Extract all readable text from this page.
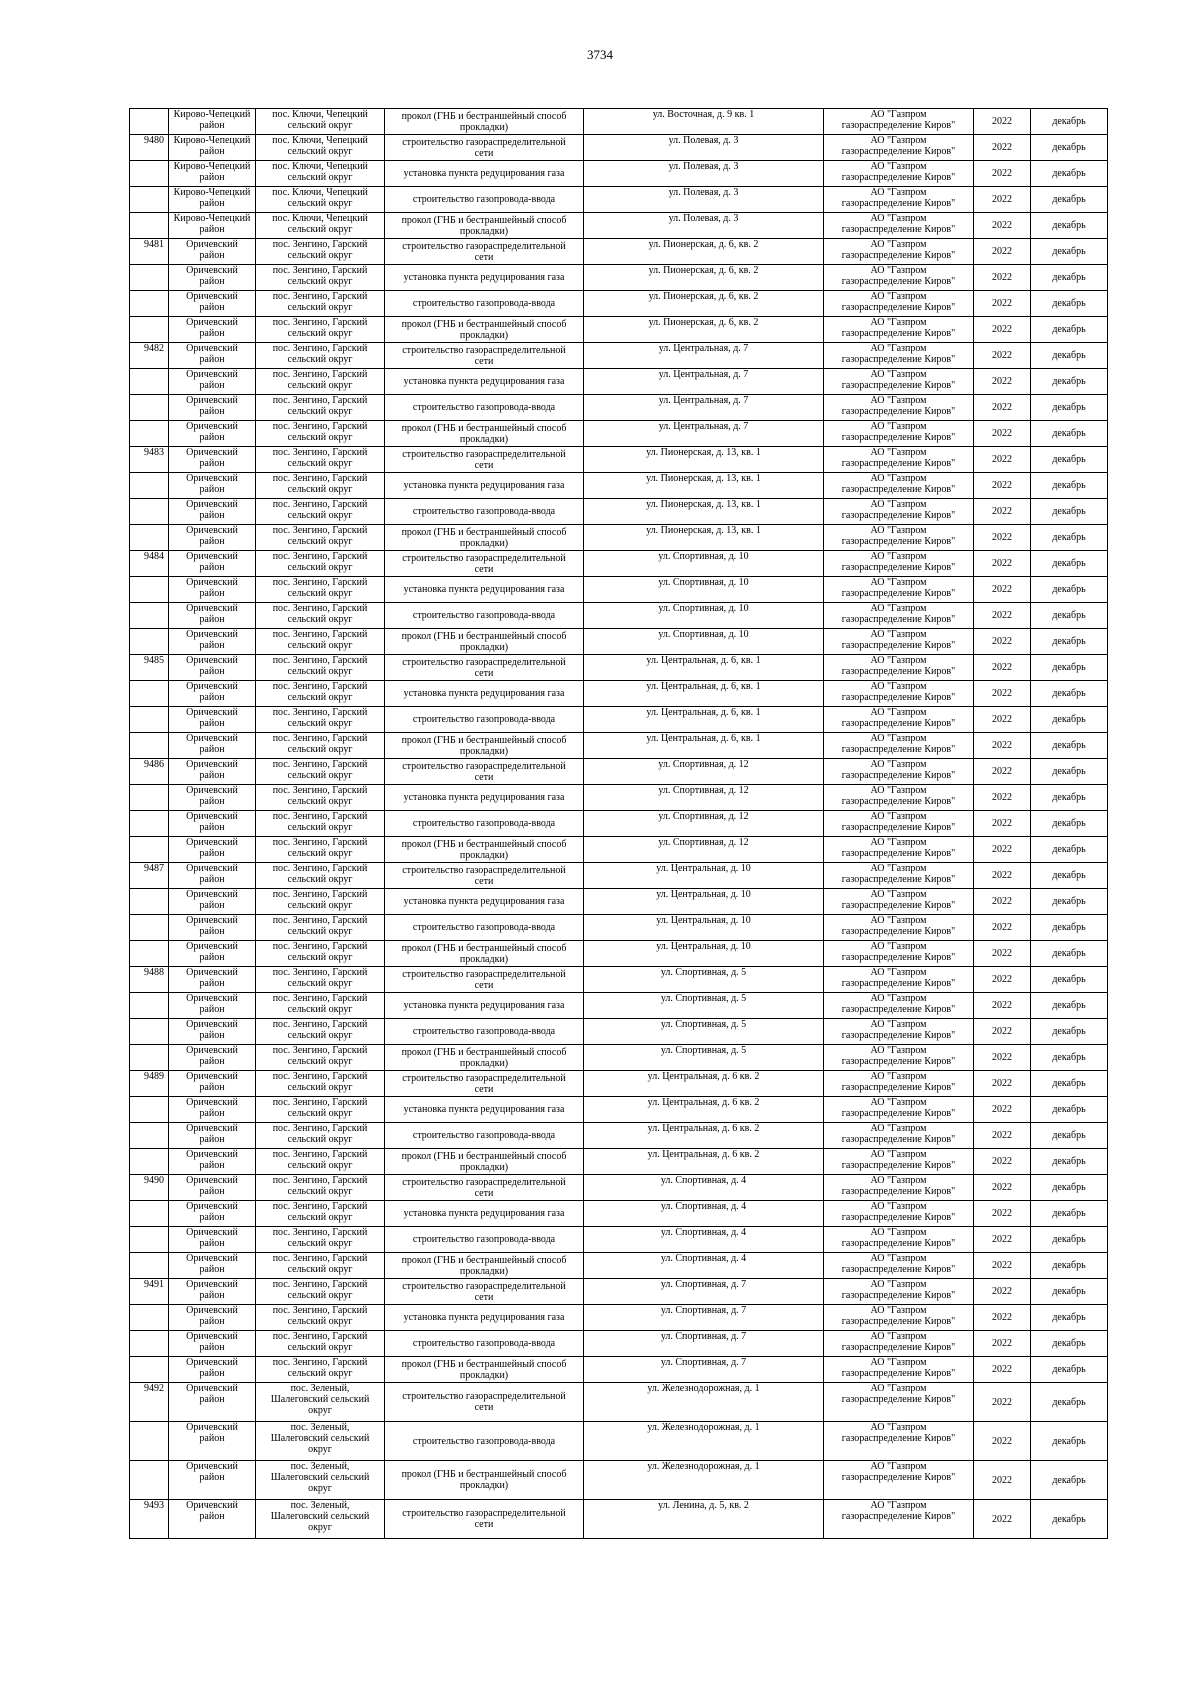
3734
	Кирово-Чепецкий
район	пос. Ключи, Чепецкий
сельский округ	прокол (ГНБ и бестраншейный способ
прокладки)	ул. Восточная, д. 9 кв. 1	АО "Газпром
газораспределение Киров"	2022	декабрь
9480	Кирово-Чепецкий
район	пос. Ключи, Чепецкий
сельский округ	строительство газораспределительной
сети	ул. Полевая, д. 3	АО "Газпром
газораспределение Киров"	2022	декабрь
	Кирово-Чепецкий
район	пос. Ключи, Чепецкий
сельский округ	установка пункта редуцирования газа	ул. Полевая, д. 3	АО "Газпром
газораспределение Киров"	2022	декабрь
	Кирово-Чепецкий
район	пос. Ключи, Чепецкий
сельский округ	строительство газопровода-ввода	ул. Полевая, д. 3	АО "Газпром
газораспределение Киров"	2022	декабрь
	Кирово-Чепецкий
район	пос. Ключи, Чепецкий
сельский округ	прокол (ГНБ и бестраншейный способ
прокладки)	ул. Полевая, д. 3	АО "Газпром
газораспределение Киров"	2022	декабрь
9481	Оричевский
район	пос. Зенгино, Гарский
сельский округ	строительство газораспределительной
сети	ул. Пионерская, д. 6, кв. 2	АО "Газпром
газораспределение Киров"	2022	декабрь
	Оричевский
район	пос. Зенгино, Гарский
сельский округ	установка пункта редуцирования газа	ул. Пионерская, д. 6, кв. 2	АО "Газпром
газораспределение Киров"	2022	декабрь
	Оричевский
район	пос. Зенгино, Гарский
сельский округ	строительство газопровода-ввода	ул. Пионерская, д. 6, кв. 2	АО "Газпром
газораспределение Киров"	2022	декабрь
	Оричевский
район	пос. Зенгино, Гарский
сельский округ	прокол (ГНБ и бестраншейный способ
прокладки)	ул. Пионерская, д. 6, кв. 2	АО "Газпром
газораспределение Киров"	2022	декабрь
9482	Оричевский
район	пос. Зенгино, Гарский
сельский округ	строительство газораспределительной
сети	ул. Центральная, д. 7	АО "Газпром
газораспределение Киров"	2022	декабрь
	Оричевский
район	пос. Зенгино, Гарский
сельский округ	установка пункта редуцирования газа	ул. Центральная, д. 7	АО "Газпром
газораспределение Киров"	2022	декабрь
	Оричевский
район	пос. Зенгино, Гарский
сельский округ	строительство газопровода-ввода	ул. Центральная, д. 7	АО "Газпром
газораспределение Киров"	2022	декабрь
	Оричевский
район	пос. Зенгино, Гарский
сельский округ	прокол (ГНБ и бестраншейный способ
прокладки)	ул. Центральная, д. 7	АО "Газпром
газораспределение Киров"	2022	декабрь
9483	Оричевский
район	пос. Зенгино, Гарский
сельский округ	строительство газораспределительной
сети	ул. Пионерская, д. 13, кв. 1	АО "Газпром
газораспределение Киров"	2022	декабрь
	Оричевский
район	пос. Зенгино, Гарский
сельский округ	установка пункта редуцирования газа	ул. Пионерская, д. 13, кв. 1	АО "Газпром
газораспределение Киров"	2022	декабрь
	Оричевский
район	пос. Зенгино, Гарский
сельский округ	строительство газопровода-ввода	ул. Пионерская, д. 13, кв. 1	АО "Газпром
газораспределение Киров"	2022	декабрь
	Оричевский
район	пос. Зенгино, Гарский
сельский округ	прокол (ГНБ и бестраншейный способ
прокладки)	ул. Пионерская, д. 13, кв. 1	АО "Газпром
газораспределение Киров"	2022	декабрь
9484	Оричевский
район	пос. Зенгино, Гарский
сельский округ	строительство газораспределительной
сети	ул. Спортивная, д. 10	АО "Газпром
газораспределение Киров"	2022	декабрь
	Оричевский
район	пос. Зенгино, Гарский
сельский округ	установка пункта редуцирования газа	ул. Спортивная, д. 10	АО "Газпром
газораспределение Киров"	2022	декабрь
	Оричевский
район	пос. Зенгино, Гарский
сельский округ	строительство газопровода-ввода	ул. Спортивная, д. 10	АО "Газпром
газораспределение Киров"	2022	декабрь
	Оричевский
район	пос. Зенгино, Гарский
сельский округ	прокол (ГНБ и бестраншейный способ
прокладки)	ул. Спортивная, д. 10	АО "Газпром
газораспределение Киров"	2022	декабрь
9485	Оричевский
район	пос. Зенгино, Гарский
сельский округ	строительство газораспределительной
сети	ул. Центральная, д. 6, кв. 1	АО "Газпром
газораспределение Киров"	2022	декабрь
	Оричевский
район	пос. Зенгино, Гарский
сельский округ	установка пункта редуцирования газа	ул. Центральная, д. 6, кв. 1	АО "Газпром
газораспределение Киров"	2022	декабрь
	Оричевский
район	пос. Зенгино, Гарский
сельский округ	строительство газопровода-ввода	ул. Центральная, д. 6, кв. 1	АО "Газпром
газораспределение Киров"	2022	декабрь
	Оричевский
район	пос. Зенгино, Гарский
сельский округ	прокол (ГНБ и бестраншейный способ
прокладки)	ул. Центральная, д. 6, кв. 1	АО "Газпром
газораспределение Киров"	2022	декабрь
9486	Оричевский
район	пос. Зенгино, Гарский
сельский округ	строительство газораспределительной
сети	ул. Спортивная, д. 12	АО "Газпром
газораспределение Киров"	2022	декабрь
	Оричевский
район	пос. Зенгино, Гарский
сельский округ	установка пункта редуцирования газа	ул. Спортивная, д. 12	АО "Газпром
газораспределение Киров"	2022	декабрь
	Оричевский
район	пос. Зенгино, Гарский
сельский округ	строительство газопровода-ввода	ул. Спортивная, д. 12	АО "Газпром
газораспределение Киров"	2022	декабрь
	Оричевский
район	пос. Зенгино, Гарский
сельский округ	прокол (ГНБ и бестраншейный способ
прокладки)	ул. Спортивная, д. 12	АО "Газпром
газораспределение Киров"	2022	декабрь
9487	Оричевский
район	пос. Зенгино, Гарский
сельский округ	строительство газораспределительной
сети	ул. Центральная, д. 10	АО "Газпром
газораспределение Киров"	2022	декабрь
	Оричевский
район	пос. Зенгино, Гарский
сельский округ	установка пункта редуцирования газа	ул. Центральная, д. 10	АО "Газпром
газораспределение Киров"	2022	декабрь
	Оричевский
район	пос. Зенгино, Гарский
сельский округ	строительство газопровода-ввода	ул. Центральная, д. 10	АО "Газпром
газораспределение Киров"	2022	декабрь
	Оричевский
район	пос. Зенгино, Гарский
сельский округ	прокол (ГНБ и бестраншейный способ
прокладки)	ул. Центральная, д. 10	АО "Газпром
газораспределение Киров"	2022	декабрь
9488	Оричевский
район	пос. Зенгино, Гарский
сельский округ	строительство газораспределительной
сети	ул. Спортивная, д. 5	АО "Газпром
газораспределение Киров"	2022	декабрь
	Оричевский
район	пос. Зенгино, Гарский
сельский округ	установка пункта редуцирования газа	ул. Спортивная, д. 5	АО "Газпром
газораспределение Киров"	2022	декабрь
	Оричевский
район	пос. Зенгино, Гарский
сельский округ	строительство газопровода-ввода	ул. Спортивная, д. 5	АО "Газпром
газораспределение Киров"	2022	декабрь
	Оричевский
район	пос. Зенгино, Гарский
сельский округ	прокол (ГНБ и бестраншейный способ
прокладки)	ул. Спортивная, д. 5	АО "Газпром
газораспределение Киров"	2022	декабрь
9489	Оричевский
район	пос. Зенгино, Гарский
сельский округ	строительство газораспределительной
сети	ул. Центральная, д. 6 кв. 2	АО "Газпром
газораспределение Киров"	2022	декабрь
	Оричевский
район	пос. Зенгино, Гарский
сельский округ	установка пункта редуцирования газа	ул. Центральная, д. 6 кв. 2	АО "Газпром
газораспределение Киров"	2022	декабрь
	Оричевский
район	пос. Зенгино, Гарский
сельский округ	строительство газопровода-ввода	ул. Центральная, д. 6 кв. 2	АО "Газпром
газораспределение Киров"	2022	декабрь
	Оричевский
район	пос. Зенгино, Гарский
сельский округ	прокол (ГНБ и бестраншейный способ
прокладки)	ул. Центральная, д. 6 кв. 2	АО "Газпром
газораспределение Киров"	2022	декабрь
9490	Оричевский
район	пос. Зенгино, Гарский
сельский округ	строительство газораспределительной
сети	ул. Спортивная, д. 4	АО "Газпром
газораспределение Киров"	2022	декабрь
	Оричевский
район	пос. Зенгино, Гарский
сельский округ	установка пункта редуцирования газа	ул. Спортивная, д. 4	АО "Газпром
газораспределение Киров"	2022	декабрь
	Оричевский
район	пос. Зенгино, Гарский
сельский округ	строительство газопровода-ввода	ул. Спортивная, д. 4	АО "Газпром
газораспределение Киров"	2022	декабрь
	Оричевский
район	пос. Зенгино, Гарский
сельский округ	прокол (ГНБ и бестраншейный способ
прокладки)	ул. Спортивная, д. 4	АО "Газпром
газораспределение Киров"	2022	декабрь
9491	Оричевский
район	пос. Зенгино, Гарский
сельский округ	строительство газораспределительной
сети	ул. Спортивная, д. 7	АО "Газпром
газораспределение Киров"	2022	декабрь
	Оричевский
район	пос. Зенгино, Гарский
сельский округ	установка пункта редуцирования газа	ул. Спортивная, д. 7	АО "Газпром
газораспределение Киров"	2022	декабрь
	Оричевский
район	пос. Зенгино, Гарский
сельский округ	строительство газопровода-ввода	ул. Спортивная, д. 7	АО "Газпром
газораспределение Киров"	2022	декабрь
	Оричевский
район	пос. Зенгино, Гарский
сельский округ	прокол (ГНБ и бестраншейный способ
прокладки)	ул. Спортивная, д. 7	АО "Газпром
газораспределение Киров"	2022	декабрь
9492	Оричевский
район	пос. Зеленый,
Шалеговский сельский
округ	строительство газораспределительной
сети	ул. Железнодорожная, д. 1	АО "Газпром
газораспределение Киров"	2022	декабрь
	Оричевский
район	пос. Зеленый,
Шалеговский сельский
округ	строительство газопровода-ввода	ул. Железнодорожная, д. 1	АО "Газпром
газораспределение Киров"	2022	декабрь
	Оричевский
район	пос. Зеленый,
Шалеговский сельский
округ	прокол (ГНБ и бестраншейный способ
прокладки)	ул. Железнодорожная, д. 1	АО "Газпром
газораспределение Киров"	2022	декабрь
9493	Оричевский
район	пос. Зеленый,
Шалеговский сельский
округ	строительство газораспределительной
сети	ул. Ленина, д. 5, кв. 2	АО "Газпром
газораспределение Киров"	2022	декабрь
